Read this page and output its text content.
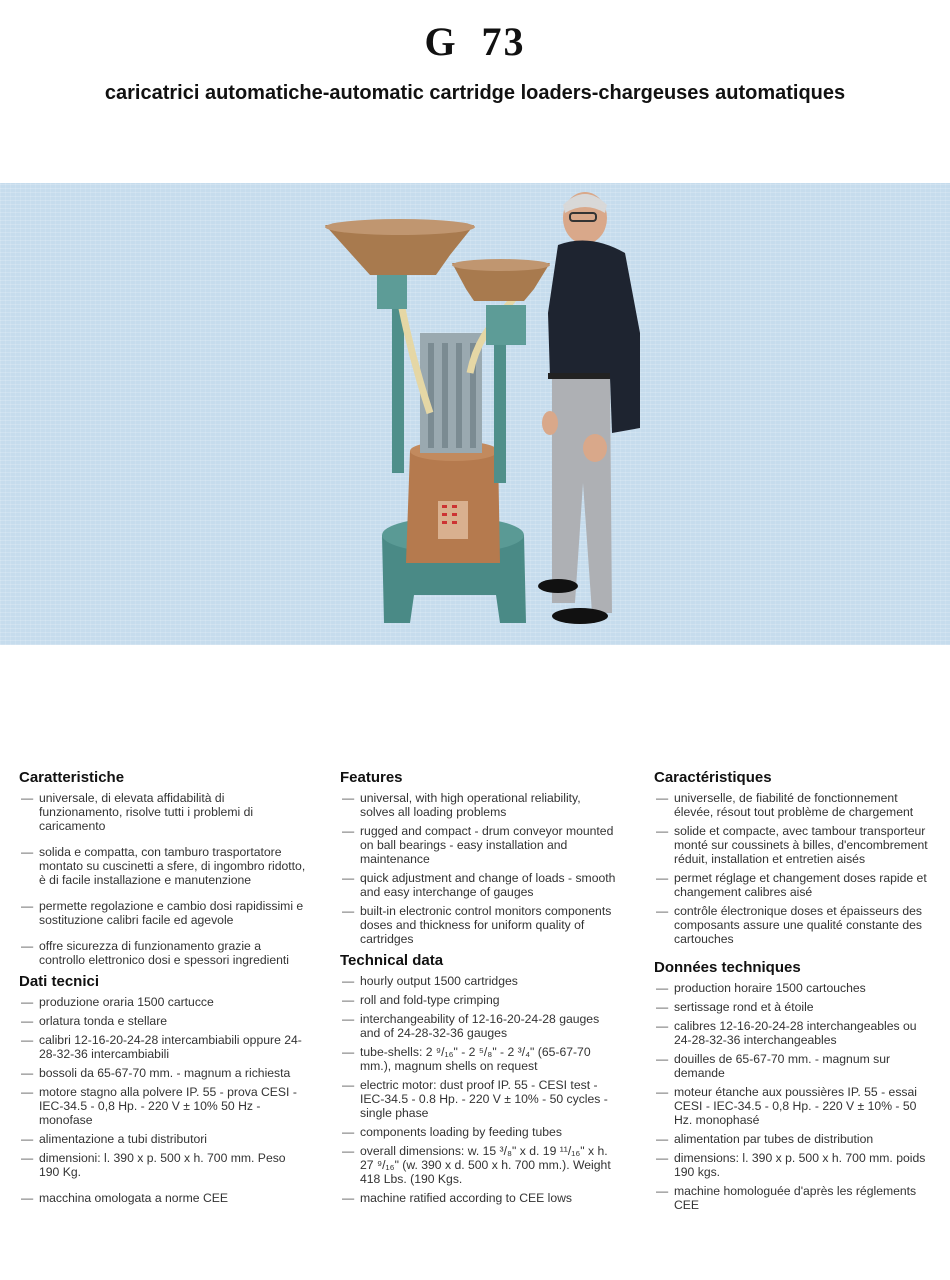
G 73

caricatrici automatiche-automatic cartridge loaders-chargeuses automatiques

Caratteristiche
— universale, di elevata affidabilità di funzionamento, risolve tutti i problemi di caricamento
— solida e compatta, con tamburo trasportatore montato su cuscinetti a sfere, di ingombro ridotto, è di facile installazione e manutenzione
— permette regolazione e cambio dosi rapidissimi e sostituzione calibri facile ed agevole
— offre sicurezza di funzionamento grazie a controllo elettronico dosi e spessori ingredienti
Dati tecnici
— produzione oraria 1500 cartucce
— orlatura tonda e stellare
— calibri 12-16-20-24-28 intercambiabili oppure 24-28-32-36 intercambiabili
— bossoli da 65-67-70 mm. - magnum a richiesta
— motore stagno alla polvere IP. 55 - prova CESI - IEC-34.5 - 0,8 Hp. - 220 V ± 10% 50 Hz - monofase
— alimentazione a tubi distributori
— dimensioni: l. 390 x p. 500 x h. 700 mm. Peso 190 Kg.
— macchina omologata a norme CEE
Features
— universal, with high operational reliability, solves all loading problems
— rugged and compact - drum conveyor mounted on ball bearings - easy installation and maintenance
— quick adjustment and change of loads - smooth and easy interchange of gauges
— built-in electronic control monitors components doses and thickness for uniform quality of cartridges
Technical data
— hourly output 1500 cartridges
— roll and fold-type crimping
— interchangeability of 12-16-20-24-28 gauges and of 24-28-32-36 gauges
— tube-shells: 2 ⁹/₁₆" - 2 ⁵/₈" - 2 ³/₄" (65-67-70 mm.), magnum shells on request
— electric motor: dust proof IP. 55 - CESI test - IEC-34.5 - 0.8 Hp. - 220 V ± 10% - 50 cycles - single phase
— components loading by feeding tubes
— overall dimensions: w. 15 ³/₈" x d. 19 ¹¹/₁₆" x h. 27 ⁹/₁₆" (w. 390 x d. 500 x h. 700 mm.). Weight 418 Lbs. (190 Kgs.
— machine ratified according to CEE lows
Caractéristiques
— universelle, de fiabilité de fonctionnement élevée, résout tout problème de chargement
— solide et compacte, avec tambour transporteur monté sur coussinets à billes, d'encombrement réduit, installation et entretien aisés
— permet réglage et changement doses rapide et changement calibres aisé
— contrôle électronique doses et épaisseurs des composants assure une qualité constante des cartouches
Données techniques
— production horaire 1500 cartouches
— sertissage rond et à étoile
— calibres 12-16-20-24-28 interchangeables ou 24-28-32-36 interchangeables
— douilles de 65-67-70 mm. - magnum sur demande
— moteur étanche aux poussières IP. 55 - essai CESI - IEC-34.5 - 0,8 Hp. - 220 V ± 10% - 50 Hz. monophasé
— alimentation par tubes de distribution
— dimensions: l. 390 x p. 500 x h. 700 mm. poids 190 kgs.
— machine homologuée d'après les réglements CEE
